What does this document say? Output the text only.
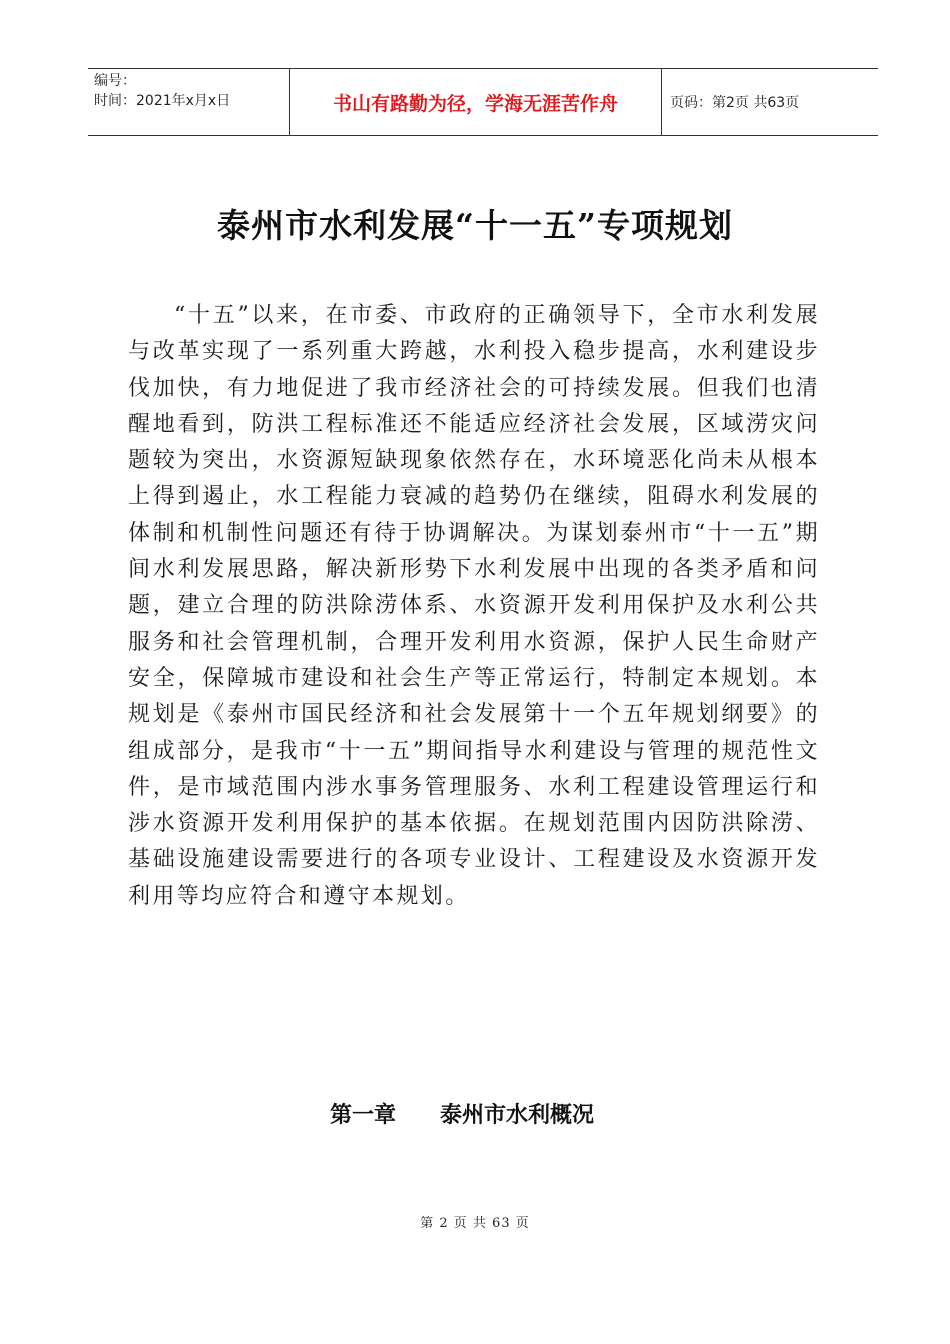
编号：
时间：2021年x月x日	书山有路勤为径，学海无涯苦作舟	页码：第2页 共63页
泰州市水利发展“十一五”专项规划

“十五”以来，在市委、市政府的正确领导下，全市水利发展与改革实现了一系列重大跨越，水利投入稳步提高，水利建设步伐加快，有力地促进了我市经济社会的可持续发展。但我们也清醒地看到，防洪工程标准还不能适应经济社会发展，区域涝灾问题较为突出，水资源短缺现象依然存在，水环境恶化尚未从根本上得到遏止，水工程能力衰减的趋势仍在继续，阻碍水利发展的体制和机制性问题还有待于协调解决。为谋划泰州市“十一五”期间水利发展思路，解决新形势下水利发展中出现的各类矛盾和问题，建立合理的防洪除涝体系、水资源开发利用保护及水利公共服务和社会管理机制，合理开发利用水资源，保护人民生命财产安全，保障城市建设和社会生产等正常运行，特制定本规划。本规划是《泰州市国民经济和社会发展第十一个五年规划纲要》的组成部分，是我市“十一五”期间指导水利建设与管理的规范性文件，是市域范围内涉水事务管理服务、水利工程建设管理运行和涉水资源开发利用保护的基本依据。在规划范围内因防洪除涝、基础设施建设需要进行的各项专业设计、工程建设及水资源开发利用等均应符合和遵守本规划。

第一章　　泰州市水利概况
第 2 页 共 63 页
